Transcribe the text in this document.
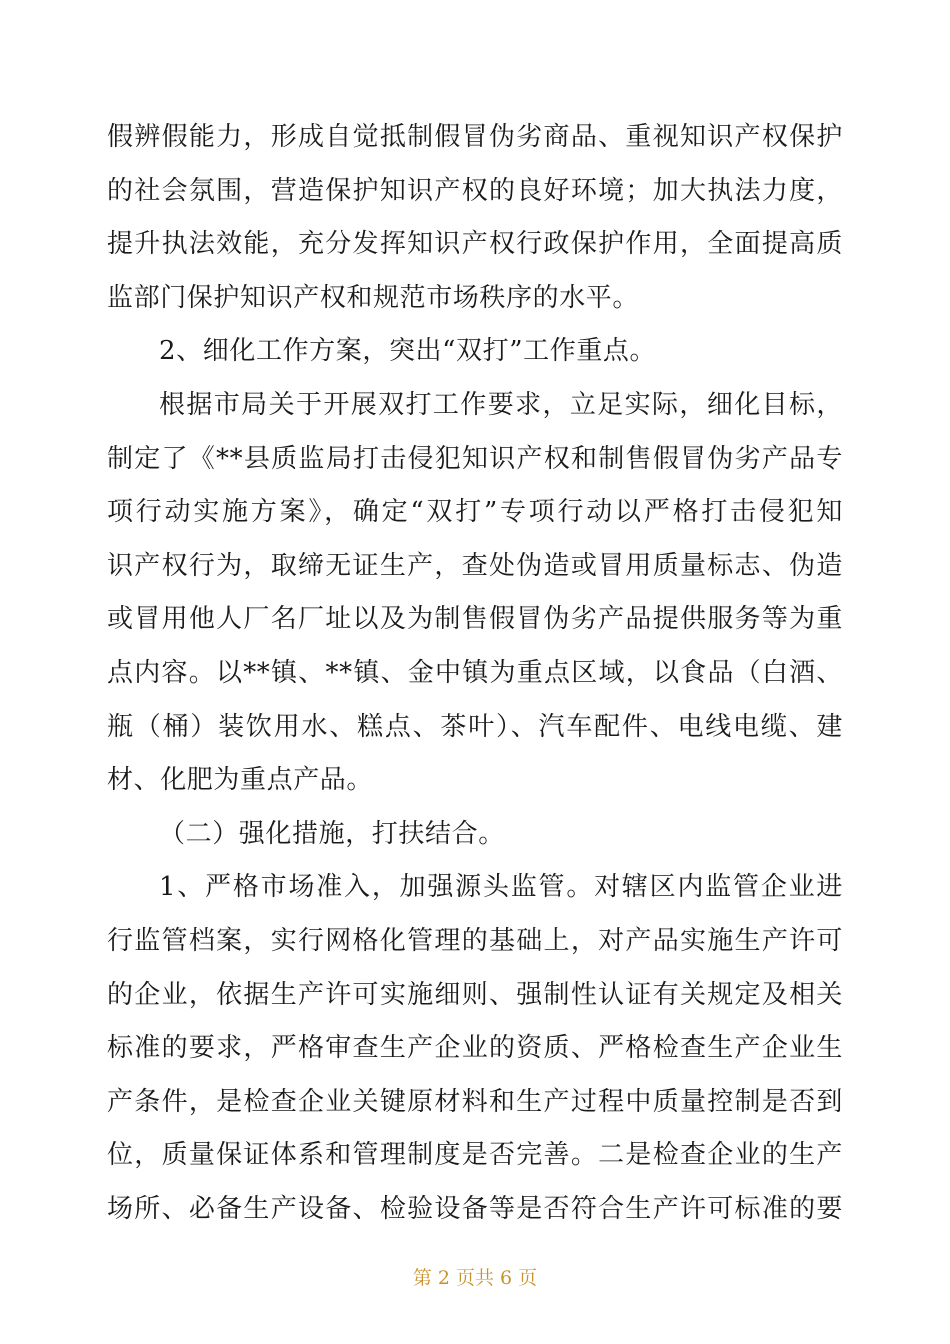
假辨假能力，形成自觉抵制假冒伪劣商品、重视知识产权保护
的社会氛围，营造保护知识产权的良好环境；加大执法力度，
提升执法效能，充分发挥知识产权行政保护作用，全面提高质
监部门保护知识产权和规范市场秩序的水平。
2、细化工作方案，突出“双打”工作重点。
根据市局关于开展双打工作要求，立足实际，细化目标，
制定了《**县质监局打击侵犯知识产权和制售假冒伪劣产品专
项行动实施方案》，确定“双打”专项行动以严格打击侵犯知
识产权行为，取缔无证生产，查处伪造或冒用质量标志、伪造
或冒用他人厂名厂址以及为制售假冒伪劣产品提供服务等为重
点内容。以**镇、**镇、金中镇为重点区域，以食品（白酒、
瓶（桶）装饮用水、糕点、茶叶）、汽车配件、电线电缆、建
材、化肥为重点产品。
（二）强化措施，打扶结合。
1、严格市场准入，加强源头监管。对辖区内监管企业进
行监管档案，实行网格化管理的基础上，对产品实施生产许可
的企业，依据生产许可实施细则、强制性认证有关规定及相关
标准的要求，严格审查生产企业的资质、严格检查生产企业生
产条件，是检查企业关键原材料和生产过程中质量控制是否到
位，质量保证体系和管理制度是否完善。二是检查企业的生产
场所、必备生产设备、检验设备等是否符合生产许可标准的要
第 2 页共 6 页
